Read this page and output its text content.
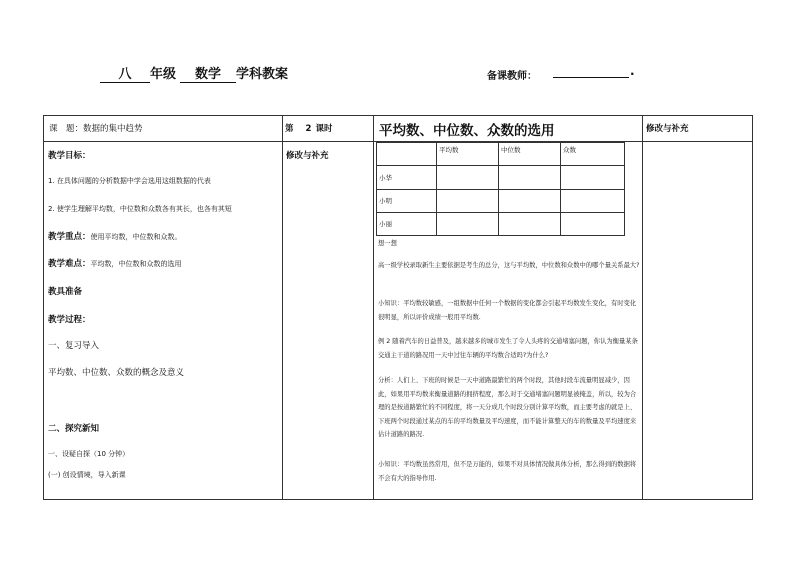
八 年级 数学 学科教案	备课教师：	.
课　题：数据的集中趋势	第 2 课时	平均数、中位数、众数的选用	修改与补充

教学目标：
1. 在具体问题的分析数据中学会选用这组数据的代表
2. 使学生理解平均数，中位数和众数各有其长，也各有其短
教学重点：使用平均数，中位数和众数。
教学难点：平均数，中位数和众数的选用
教具准备
教学过程：
一、复习导入
平均数、中位数、众数的概念及意义
二、探究新知
一、设疑自探（10 分钟）
(一) 创设情境，导入新课
修改与补充
	平均数	中位数	众数
小华			
小明			
小丽			
想一想
高一级学校录取新生主要依据是考生的总分，这与平均数，中位数和众数中的哪个量关系最大?
小知识：平均数较敏感，一组数据中任何一个数据的变化都会引起平均数发生变化，有时变化很明显，所以评价成绩一般用平均数.
例 2 随着汽车的日益普及，越来越多的城市发生了令人头疼的交通堵塞问题，你认为衡量某条交通主干道的路况用一天中过往车辆的平均数合适吗?为什么?
分析：人们上、下班的时候是一天中道路最繁忙的两个时段，其他时段车流量明显减少，因此，如果用平均数来衡量道路的拥挤程度，那么对于交通堵塞问题明显被掩盖，所以，较为合理的是按道路繁忙的不同程度，将一天分成几个时段分别计算平均数，而主要考虑的就是上、下班两个时段通过某点的车的平均数量及平均速度，而不能计算整天的车的数量及平均速度来估计道路的路况.
小知识：平均数虽然常用，但不是万能的，如果不对具体情况做具体分析，那么得到的数据将不会有大的指导作用.
